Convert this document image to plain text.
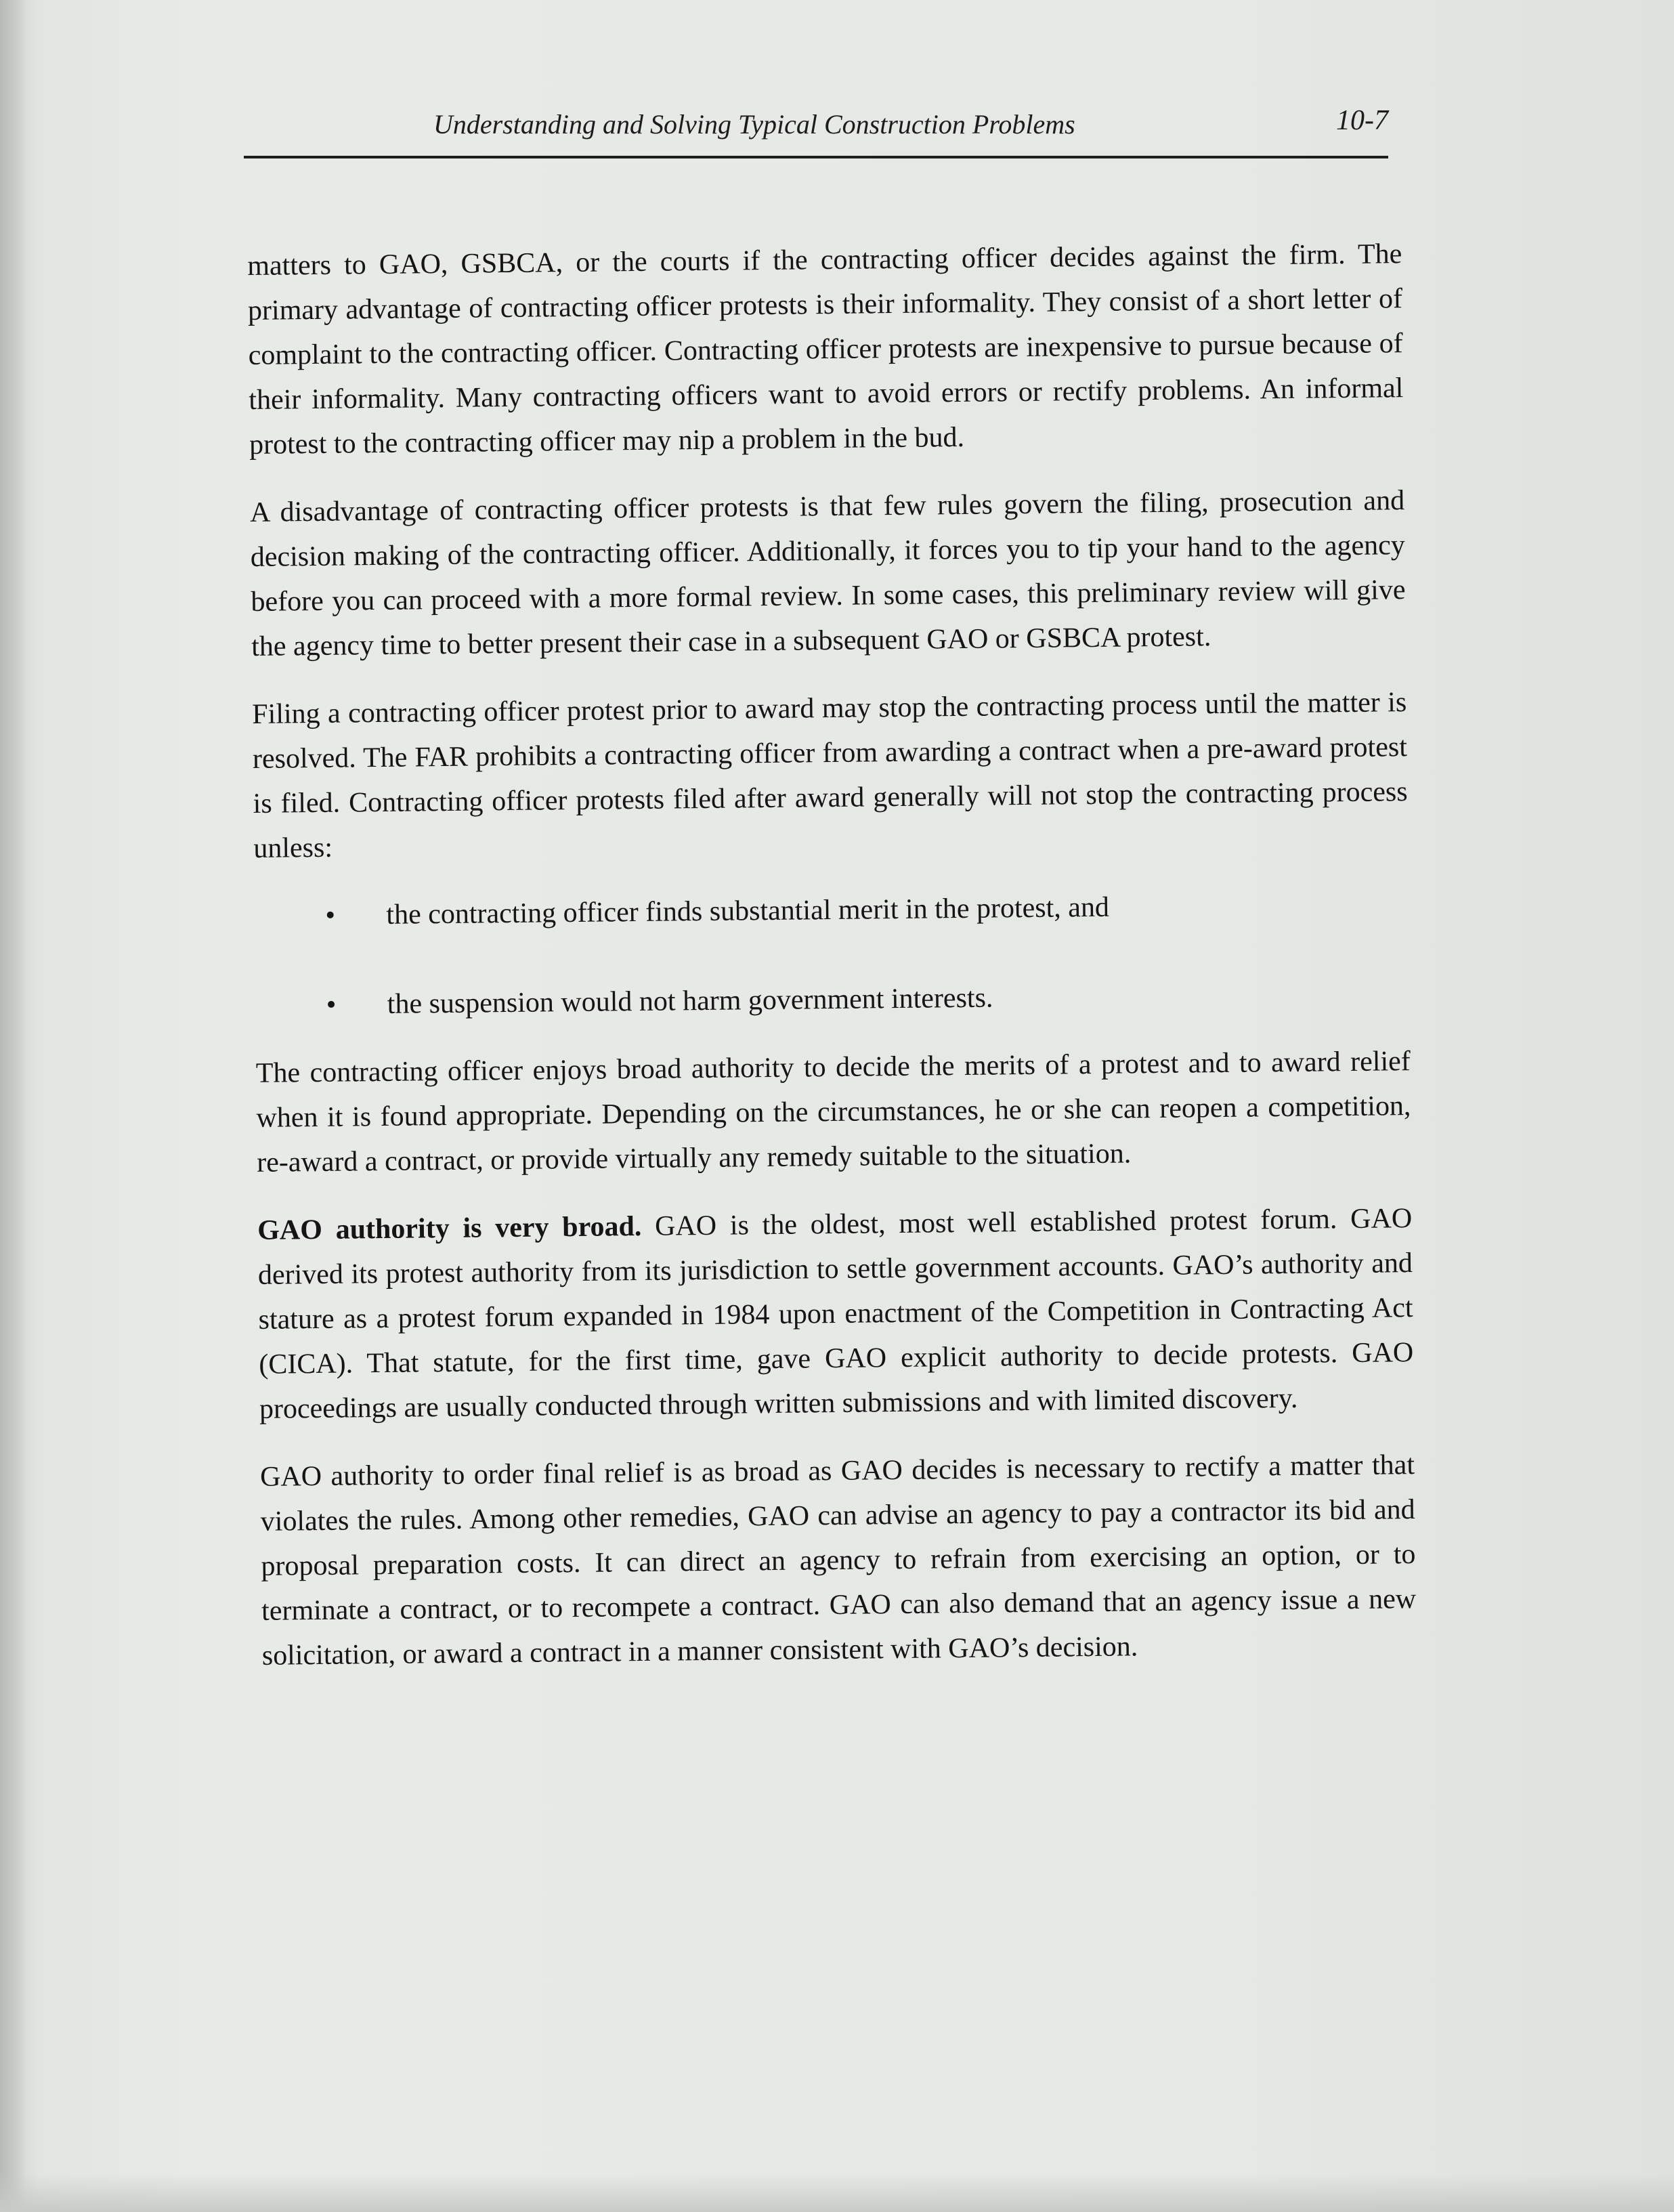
Understanding and Solving Typical Construction Problems	10-7

matters to GAO, GSBCA, or the courts if the contracting officer decides against the firm. The primary advantage of contracting officer protests is their informality. They consist of a short letter of complaint to the contracting officer. Contracting officer protests are inexpensive to pursue because of their informality. Many contracting officers want to avoid errors or rectify problems. An informal protest to the contracting officer may nip a problem in the bud.

A disadvantage of contracting officer protests is that few rules govern the filing, prosecution and decision making of the contracting officer. Additionally, it forces you to tip your hand to the agency before you can proceed with a more formal review. In some cases, this preliminary review will give the agency time to better present their case in a subsequent GAO or GSBCA protest.

Filing a contracting officer protest prior to award may stop the contracting process until the matter is resolved. The FAR prohibits a contracting officer from awarding a contract when a pre-award protest is filed. Contracting officer protests filed after award generally will not stop the contracting process unless:

• the contracting officer finds substantial merit in the protest, and
• the suspension would not harm government interests.

The contracting officer enjoys broad authority to decide the merits of a protest and to award relief when it is found appropriate. Depending on the circumstances, he or she can reopen a competition, re-award a contract, or provide virtually any remedy suitable to the situation.

GAO authority is very broad. GAO is the oldest, most well established protest forum. GAO derived its protest authority from its jurisdiction to settle government accounts. GAO’s authority and stature as a protest forum expanded in 1984 upon enactment of the Competition in Contracting Act (CICA). That statute, for the first time, gave GAO explicit authority to decide protests. GAO proceedings are usually conducted through written submissions and with limited discovery.

GAO authority to order final relief is as broad as GAO decides is necessary to rectify a matter that violates the rules. Among other remedies, GAO can advise an agency to pay a contractor its bid and proposal preparation costs. It can direct an agency to refrain from exercising an option, or to terminate a contract, or to recompete a contract. GAO can also demand that an agency issue a new solicitation, or award a contract in a manner consistent with GAO’s decision.
